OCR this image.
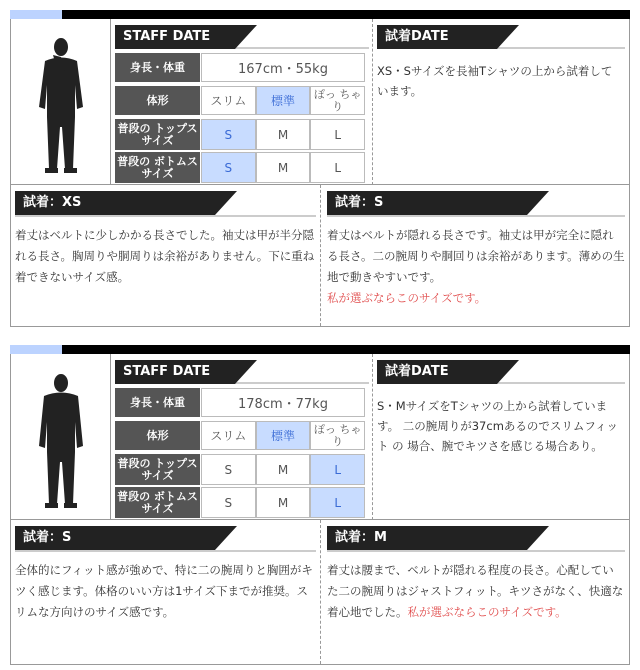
STAFF DATE
身長・体重	167cm・55kg
体形	スリム	標準	ぽっ ちゃり
普段の トップスサイズ	S	M	L
普段の ボトムスサイズ	S	M	L
試着DATE
XS・Sサイズを長袖Tシャツの上から試着しています。
試着：XS
着丈はベルトに少しかかる長さでした。袖丈は甲が半分隠れる長さ。胸周りや胴周りは余裕がありません。下に重ね着できないサイズ感。
試着：S
着丈はベルトが隠れる長さです。袖丈は甲が完全に隠れる長さ。二の腕周りや胴回りは余裕があります。薄めの生地で動きやすいです。
私が選ぶならこのサイズです。
STAFF DATE
身長・体重	178cm・77kg
体形	スリム	標準	ぽっ ちゃり
普段の トップスサイズ	S	M	L
普段の ボトムスサイズ	S	M	L
試着DATE
S・MサイズをTシャツの上から試着しています。 二の腕周りが37cmあるのでスリムフィット の 場合、腕でキツさを感じる場合あり。
試着：S
全体的にフィット感が強めで、特に二の腕周りと胸囲がキツく感じます。体格のいい方は1サイズ下までが推奨。スリムな方向けのサイズ感です。
試着：M
着丈は腰まで、ベルトが隠れる程度の長さ。心配していた二の腕周りはジャストフィット。キツさがなく、快適な着心地でした。私が選ぶならこのサイズです。
